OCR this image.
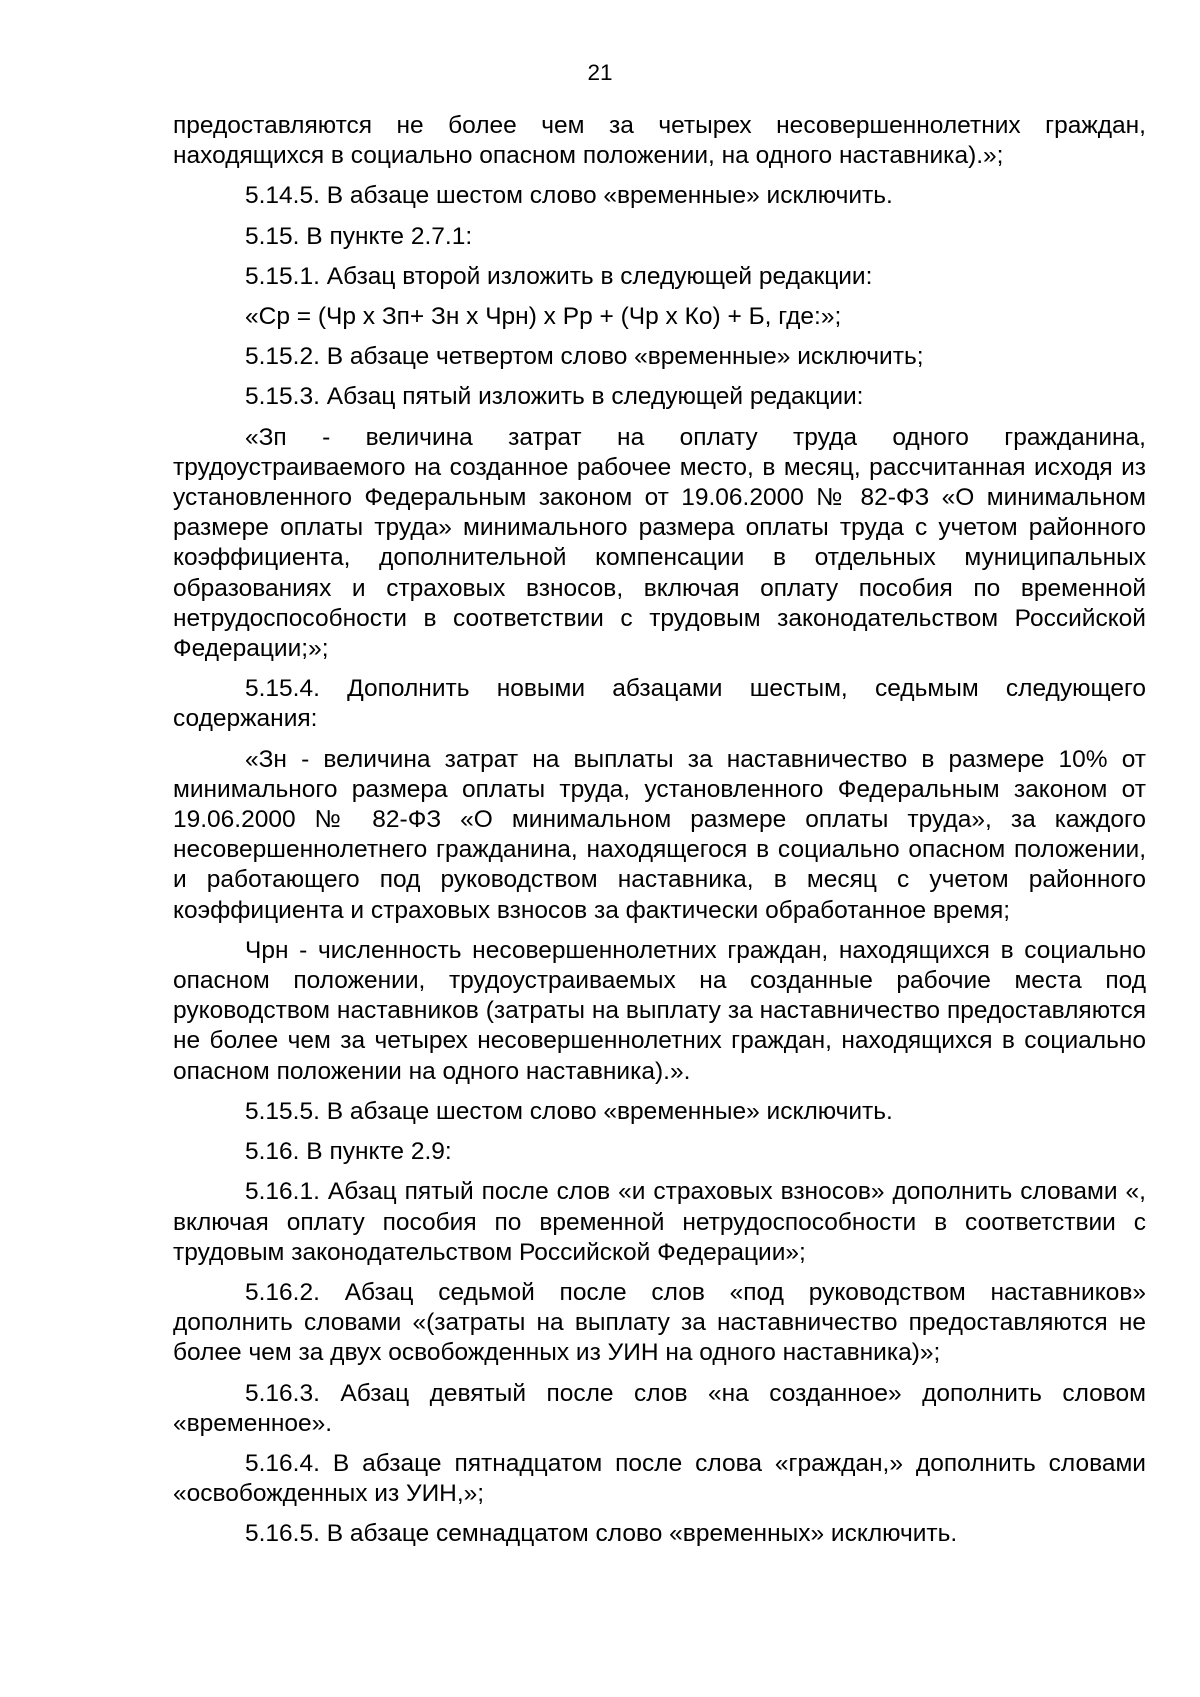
21

предоставляются не более чем за четырех несовершеннолетних граждан, находящихся в социально опасном положении, на одного наставника).»;

5.14.5. В абзаце шестом слово «временные» исключить.

5.15. В пункте 2.7.1:

5.15.1. Абзац второй изложить в следующей редакции:

«Ср = (Чр х Зп+ Зн х Чрн) х Рр + (Чр х Ко) + Б, где:»;

5.15.2. В абзаце четвертом слово «временные» исключить;

5.15.3. Абзац пятый изложить в следующей редакции:

«Зп - величина затрат на оплату труда одного гражданина, трудоустраиваемого на созданное рабочее место, в месяц, рассчитанная исходя из установленного Федеральным законом от 19.06.2000 № 82-ФЗ «О минимальном размере оплаты труда» минимального размера оплаты труда с учетом районного коэффициента, дополнительной компенсации в отдельных муниципальных образованиях и страховых взносов, включая оплату пособия по временной нетрудоспособности в соответствии с трудовым законодательством Российской Федерации;»;

5.15.4. Дополнить новыми абзацами шестым, седьмым следующего содержания:

«Зн - величина затрат на выплаты за наставничество в размере 10% от минимального размера оплаты труда, установленного Федеральным законом от 19.06.2000 № 82-ФЗ «О минимальном размере оплаты труда», за каждого несовершеннолетнего гражданина, находящегося в социально опасном положении, и работающего под руководством наставника, в месяц с учетом районного коэффициента и страховых взносов за фактически обработанное время;

Чрн - численность несовершеннолетних граждан, находящихся в социально опасном положении, трудоустраиваемых на созданные рабочие места под руководством наставников (затраты на выплату за наставничество предоставляются не более чем за четырех несовершеннолетних граждан, находящихся в социально опасном положении на одного наставника).».

5.15.5. В абзаце шестом слово «временные» исключить.

5.16. В пункте 2.9:

5.16.1. Абзац пятый после слов «и страховых взносов» дополнить словами «, включая оплату пособия по временной нетрудоспособности в соответствии с трудовым законодательством Российской Федерации»;

5.16.2. Абзац седьмой после слов «под руководством наставников» дополнить словами «(затраты на выплату за наставничество предоставляются не более чем за двух освобожденных из УИН на одного наставника)»;

5.16.3. Абзац девятый после слов «на созданное» дополнить словом «временное».

5.16.4. В абзаце пятнадцатом после слова «граждан,» дополнить словами «освобожденных из УИН,»;

5.16.5. В абзаце семнадцатом слово «временных» исключить.
